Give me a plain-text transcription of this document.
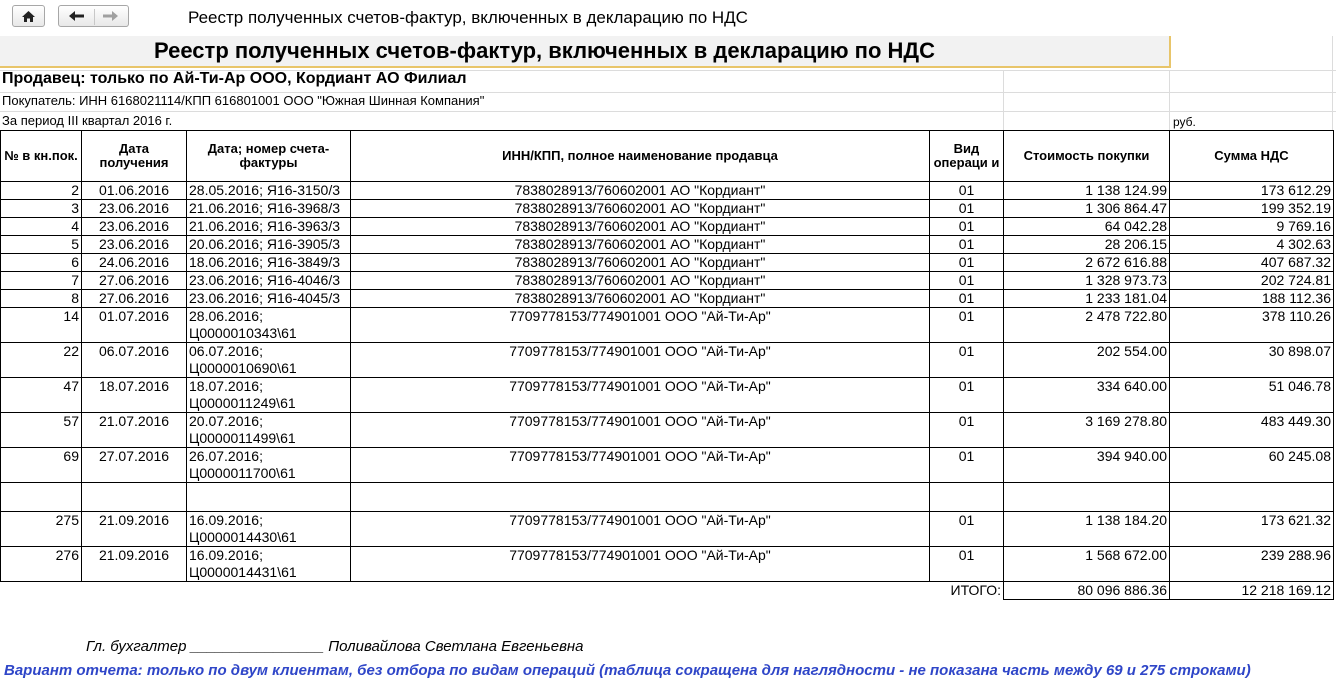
Реестр полученных счетов-фактур, включенных в декларацию по НДС
Реестр полученных счетов-фактур, включенных в декларацию по НДС
Продавец: только по Ай-Ти-Ар ООО, Кордиант АО Филиал
Покупатель: ИНН 6168021114/КПП 616801001 ООО "Южная Шинная Компания"
За период III квартал 2016 г.	руб.
№ в кн.пок.	Дата получения	Дата; номер счета-фактуры	ИНН/КПП, полное наименование продавца	Вид операци и	Стоимость покупки	Сумма НДС
2	01.06.2016	28.05.2016; Я16-3150/3	7838028913/760602001 АО "Кордиант"	01	1 138 124.99	173 612.29
3	23.06.2016	21.06.2016; Я16-3968/3	7838028913/760602001 АО "Кордиант"	01	1 306 864.47	199 352.19
4	23.06.2016	21.06.2016; Я16-3963/3	7838028913/760602001 АО "Кордиант"	01	64 042.28	9 769.16
5	23.06.2016	20.06.2016; Я16-3905/3	7838028913/760602001 АО "Кордиант"	01	28 206.15	4 302.63
6	24.06.2016	18.06.2016; Я16-3849/3	7838028913/760602001 АО "Кордиант"	01	2 672 616.88	407 687.32
7	27.06.2016	23.06.2016; Я16-4046/3	7838028913/760602001 АО "Кордиант"	01	1 328 973.73	202 724.81
8	27.06.2016	23.06.2016; Я16-4045/3	7838028913/760602001 АО "Кордиант"	01	1 233 181.04	188 112.36
14	01.07.2016	28.06.2016; Ц0000010343\61	7709778153/774901001 ООО "Ай-Ти-Ар"	01	2 478 722.80	378 110.26
22	06.07.2016	06.07.2016; Ц0000010690\61	7709778153/774901001 ООО "Ай-Ти-Ар"	01	202 554.00	30 898.07
47	18.07.2016	18.07.2016; Ц0000011249\61	7709778153/774901001 ООО "Ай-Ти-Ар"	01	334 640.00	51 046.78
57	21.07.2016	20.07.2016; Ц0000011499\61	7709778153/774901001 ООО "Ай-Ти-Ар"	01	3 169 278.80	483 449.30
69	27.07.2016	26.07.2016; Ц0000011700\61	7709778153/774901001 ООО "Ай-Ти-Ар"	01	394 940.00	60 245.08

275	21.09.2016	16.09.2016; Ц0000014430\61	7709778153/774901001 ООО "Ай-Ти-Ар"	01	1 138 184.20	173 621.32
276	21.09.2016	16.09.2016; Ц0000014431\61	7709778153/774901001 ООО "Ай-Ти-Ар"	01	1 568 672.00	239 288.96
				ИТОГО:	80 096 886.36	12 218 169.12
Гл. бухгалтер ________________ Поливайлова Светлана Евгеньевна
Вариант отчета: только по двум клиентам, без отбора по видам операций (таблица сокращена для наглядности - не показана часть между 69 и 275 строками)
